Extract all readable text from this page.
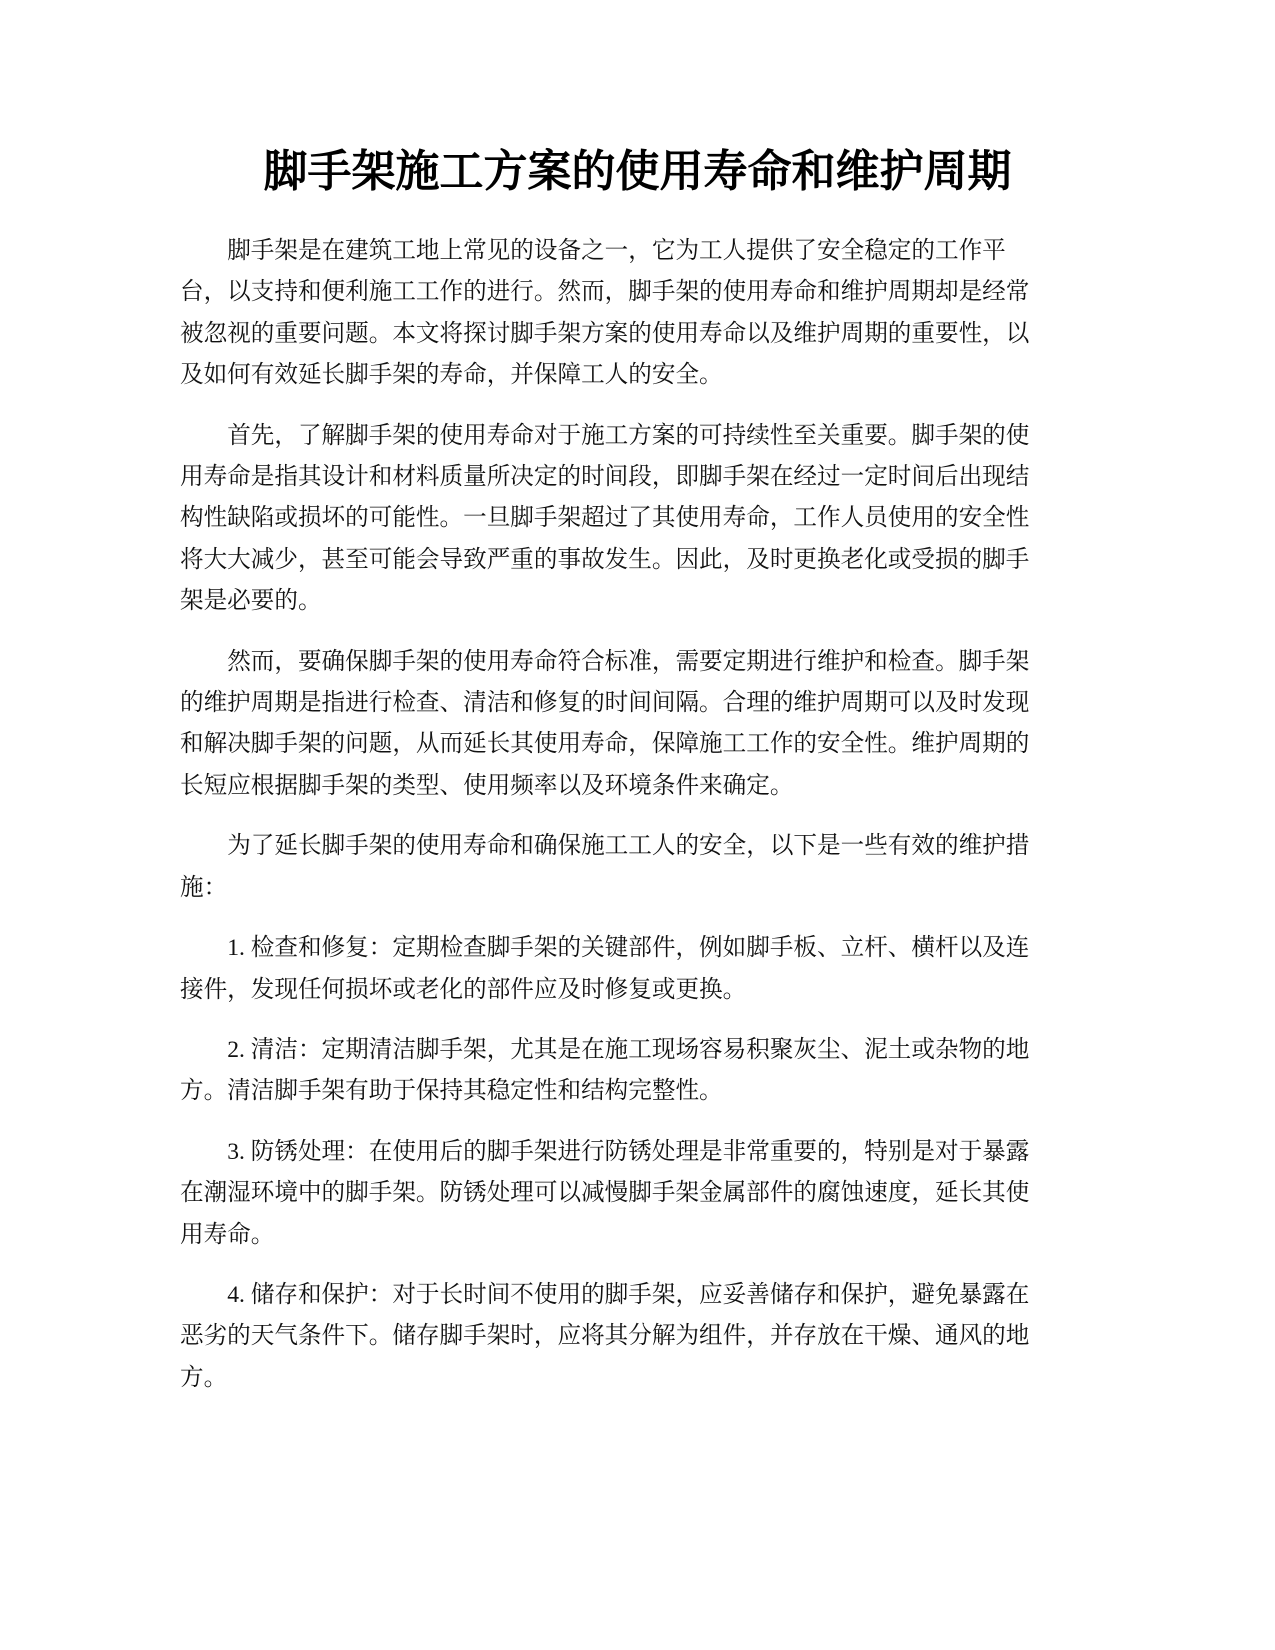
脚手架施工方案的使用寿命和维护周期

脚手架是在建筑工地上常见的设备之一，它为工人提供了安全稳定的工作平台，以支持和便利施工工作的进行。然而，脚手架的使用寿命和维护周期却是经常被忽视的重要问题。本文将探讨脚手架方案的使用寿命以及维护周期的重要性，以及如何有效延长脚手架的寿命，并保障工人的安全。

首先，了解脚手架的使用寿命对于施工方案的可持续性至关重要。脚手架的使用寿命是指其设计和材料质量所决定的时间段，即脚手架在经过一定时间后出现结构性缺陷或损坏的可能性。一旦脚手架超过了其使用寿命，工作人员使用的安全性将大大减少，甚至可能会导致严重的事故发生。因此，及时更换老化或受损的脚手架是必要的。

然而，要确保脚手架的使用寿命符合标准，需要定期进行维护和检查。脚手架的维护周期是指进行检查、清洁和修复的时间间隔。合理的维护周期可以及时发现和解决脚手架的问题，从而延长其使用寿命，保障施工工作的安全性。维护周期的长短应根据脚手架的类型、使用频率以及环境条件来确定。

为了延长脚手架的使用寿命和确保施工工人的安全，以下是一些有效的维护措施：

1. 检查和修复：定期检查脚手架的关键部件，例如脚手板、立杆、横杆以及连接件，发现任何损坏或老化的部件应及时修复或更换。

2. 清洁：定期清洁脚手架，尤其是在施工现场容易积聚灰尘、泥土或杂物的地方。清洁脚手架有助于保持其稳定性和结构完整性。

3. 防锈处理：在使用后的脚手架进行防锈处理是非常重要的，特别是对于暴露在潮湿环境中的脚手架。防锈处理可以减慢脚手架金属部件的腐蚀速度，延长其使用寿命。

4. 储存和保护：对于长时间不使用的脚手架，应妥善储存和保护，避免暴露在恶劣的天气条件下。储存脚手架时，应将其分解为组件，并存放在干燥、通风的地方。
